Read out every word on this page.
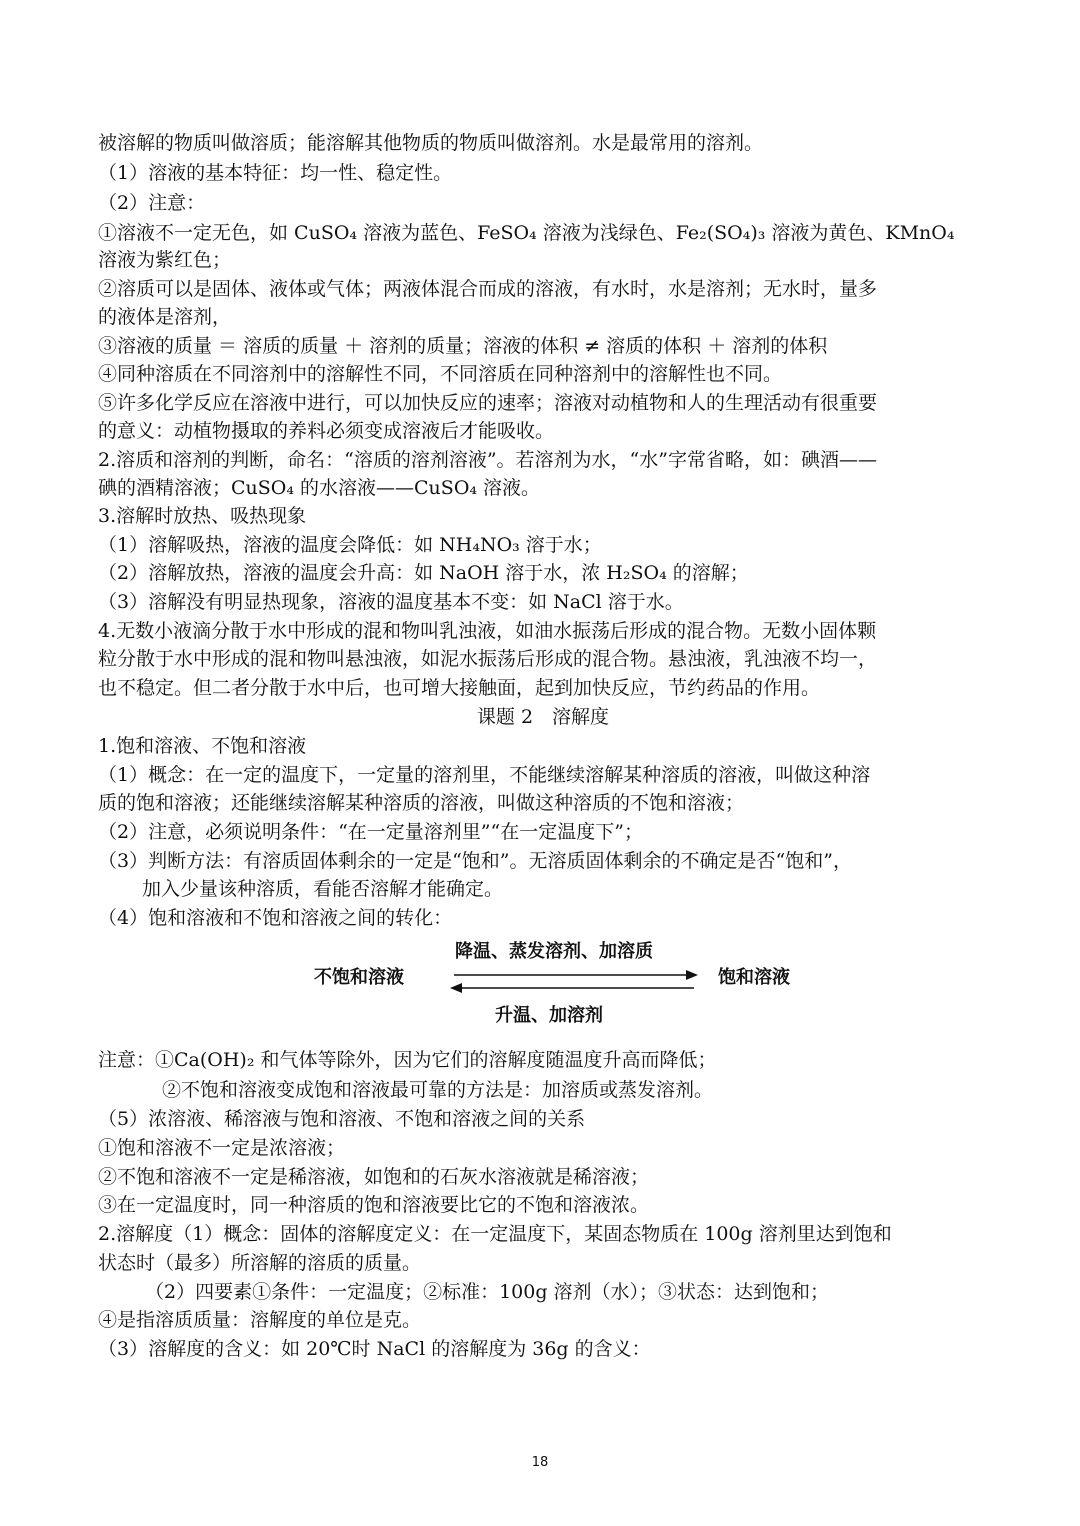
被溶解的物质叫做溶质；能溶解其他物质的物质叫做溶剂。水是最常用的溶剂。
（1）溶液的基本特征：均一性、稳定性。
（2）注意：
①溶液不一定无色，如 CuSO₄ 溶液为蓝色、FeSO₄ 溶液为浅绿色、Fe₂(SO₄)₃ 溶液为黄色、KMnO₄
溶液为紫红色；
②溶质可以是固体、液体或气体；两液体混合而成的溶液，有水时，水是溶剂；无水时，量多
的液体是溶剂，
③溶液的质量 ＝ 溶质的质量 ＋ 溶剂的质量；溶液的体积 ≠ 溶质的体积 ＋ 溶剂的体积
④同种溶质在不同溶剂中的溶解性不同，不同溶质在同种溶剂中的溶解性也不同。
⑤许多化学反应在溶液中进行，可以加快反应的速率；溶液对动植物和人的生理活动有很重要
的意义：动植物摄取的养料必须变成溶液后才能吸收。
2.溶质和溶剂的判断，命名：“溶质的溶剂溶液”。若溶剂为水，“水”字常省略，如：碘酒——
碘的酒精溶液；CuSO₄ 的水溶液——CuSO₄ 溶液。
3.溶解时放热、吸热现象
（1）溶解吸热，溶液的温度会降低：如 NH₄NO₃ 溶于水；
（2）溶解放热，溶液的温度会升高：如 NaOH 溶于水，浓 H₂SO₄ 的溶解；
（3）溶解没有明显热现象，溶液的温度基本不变：如 NaCl 溶于水。
4.无数小液滴分散于水中形成的混和物叫乳浊液，如油水振荡后形成的混合物。无数小固体颗
粒分散于水中形成的混和物叫悬浊液，如泥水振荡后形成的混合物。悬浊液，乳浊液不均一，
也不稳定。但二者分散于水中后，也可增大接触面，起到加快反应，节约药品的作用。
课题 2　溶解度
1.饱和溶液、不饱和溶液
（1）概念：在一定的温度下，一定量的溶剂里，不能继续溶解某种溶质的溶液，叫做这种溶
质的饱和溶液；还能继续溶解某种溶质的溶液，叫做这种溶质的不饱和溶液；
（2）注意，必须说明条件：“在一定量溶剂里”“在一定温度下”；
（3）判断方法：有溶质固体剩余的一定是“饱和”。无溶质固体剩余的不确定是否“饱和”，
加入少量该种溶质，看能否溶解才能确定。
（4）饱和溶液和不饱和溶液之间的转化：
降温、蒸发溶剂、加溶质
不饱和溶液	饱和溶液
升温、加溶剂
注意：①Ca(OH)₂ 和气体等除外，因为它们的溶解度随温度升高而降低；
②不饱和溶液变成饱和溶液最可靠的方法是：加溶质或蒸发溶剂。
（5）浓溶液、稀溶液与饱和溶液、不饱和溶液之间的关系
①饱和溶液不一定是浓溶液；
②不饱和溶液不一定是稀溶液，如饱和的石灰水溶液就是稀溶液；
③在一定温度时，同一种溶质的饱和溶液要比它的不饱和溶液浓。
2.溶解度（1）概念：固体的溶解度定义：在一定温度下，某固态物质在 100g 溶剂里达到饱和
状态时（最多）所溶解的溶质的质量。
（2）四要素①条件：一定温度；②标准：100g 溶剂（水）；③状态：达到饱和；
④是指溶质质量：溶解度的单位是克。
（3）溶解度的含义：如 20℃时 NaCl 的溶解度为 36g 的含义：
18
